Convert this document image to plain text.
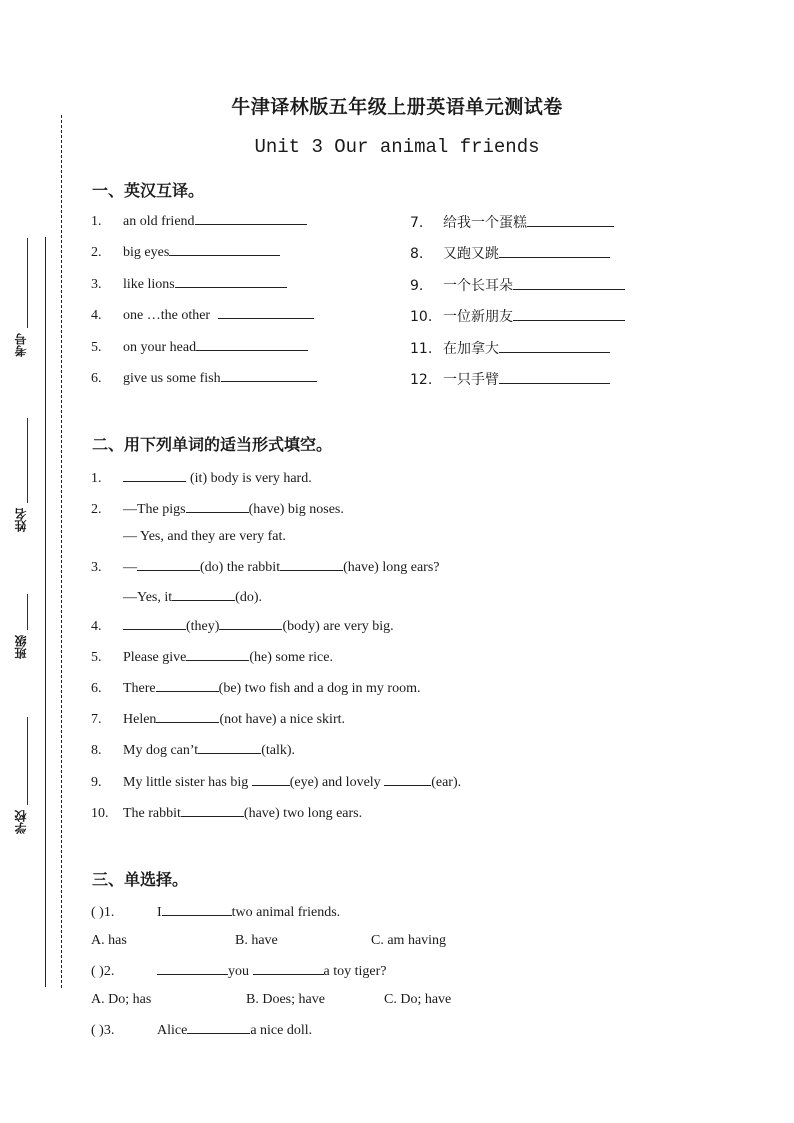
考号
姓名
班级
学校
牛津译林版五年级上册英语单元测试卷
Unit 3 Our animal friends
一、英汉互译。
1. an old friend
2. big eyes
3. like lions
4. one …the other
5. on your head
6. give us some fish
7. 给我一个蛋糕
8. 又跑又跳
9. 一个长耳朵
10. 一位新朋友
11. 在加拿大
12. 一只手臂
二、用下列单词的适当形式填空。
1.	(it) body is very hard.
2. —The pigs	(have) big noses.
— Yes, and they are very fat.
3. —	(do) the rabbit	(have) long ears?
—Yes, it	(do).
4.	(they)	(body) are very big.
5. Please give	(he) some rice.
6. There	(be) two fish and a dog in my room.
7. Helen	(not have) a nice skirt.
8. My dog can’t	(talk).
9. My little sister has big	(eye) and lovely	(ear).
10. The rabbit	(have) two long ears.
三、单选择。
( )1.	I	two animal friends.
A. has	B. have	C. am having
( )2.	you	a toy tiger?
A. Do; has	B. Does; have	C. Do; have
( )3.	Alice	a nice doll.
